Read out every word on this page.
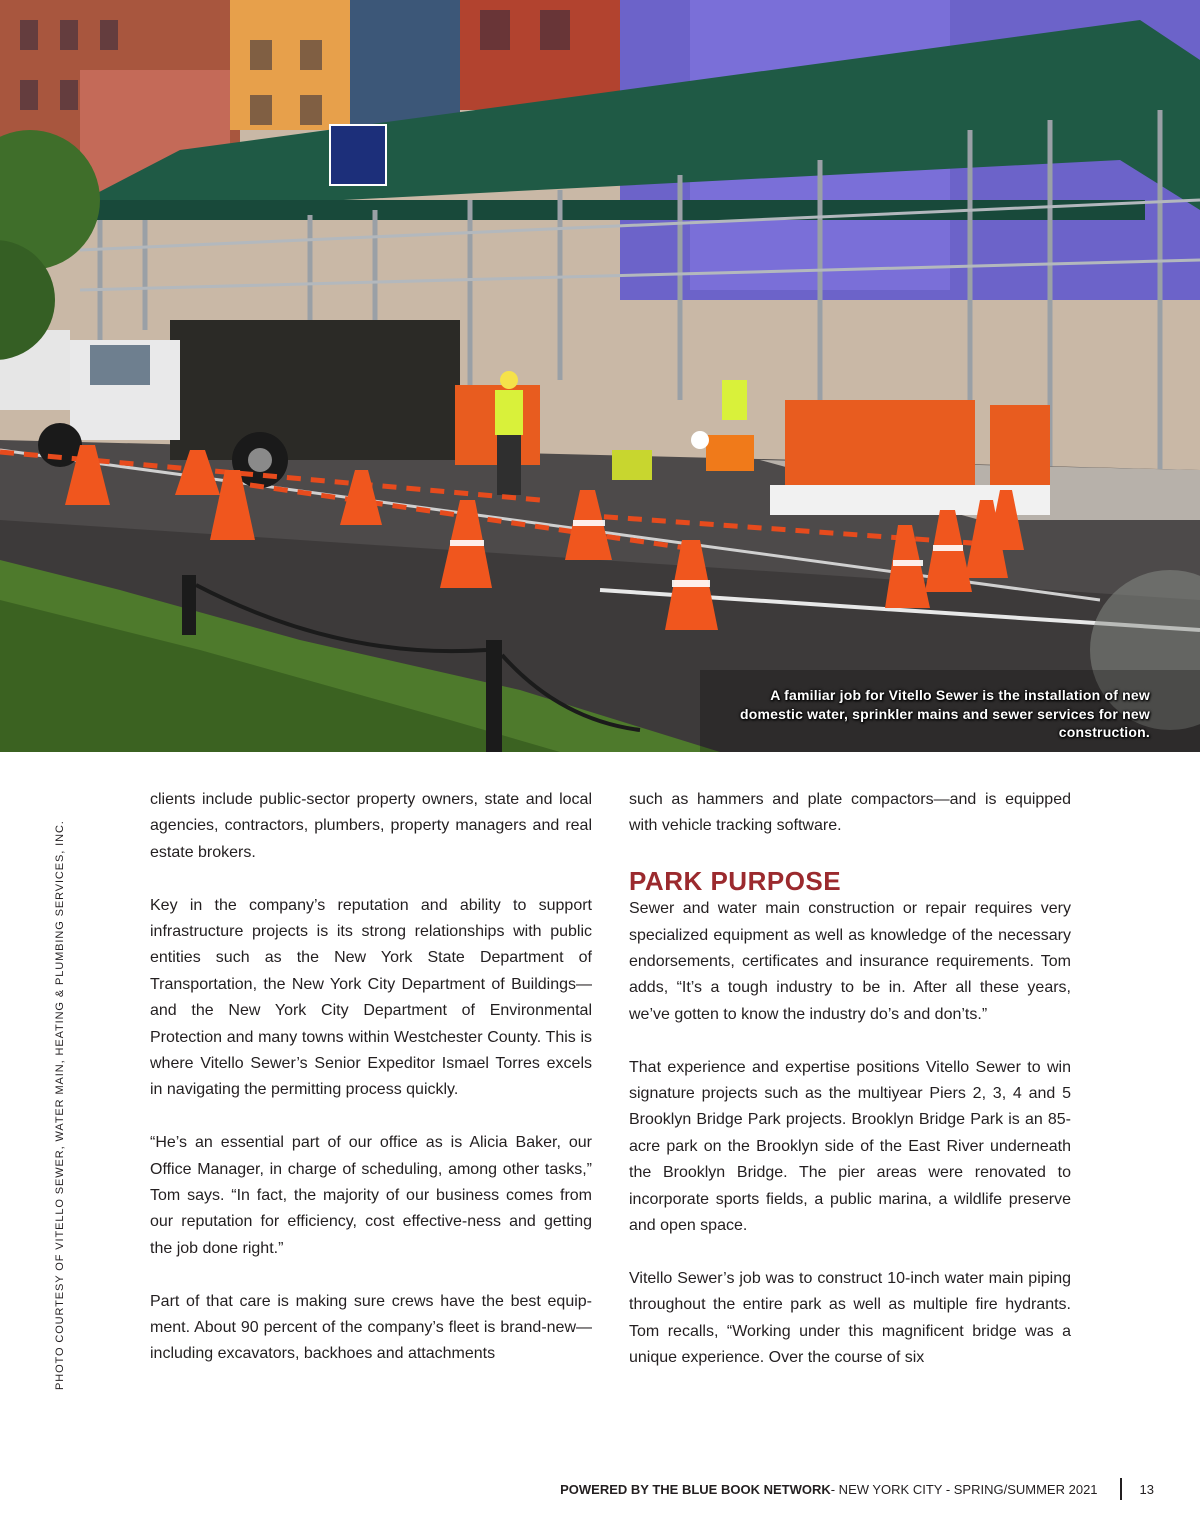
A familiar job for Vitello Sewer is the installation of new domestic water, sprinkler mains and sewer services for new construction.
PHOTO COURTESY OF VITELLO SEWER, WATER MAIN, HEATING & PLUMBING SERVICES, INC.

clients include public-sector property owners, state and local agencies, contractors, plumbers, property managers and real estate brokers.

Key in the company’s reputation and ability to support infrastructure projects is its strong relationships with public entities such as the New York State Department of Transportation, the New York City Department of Buildings—and the New York City Department of Environmental Protection and many towns within Westchester County. This is where Vitello Sewer’s Senior Expeditor Ismael Torres excels in navigating the permitting process quickly.

“He’s an essential part of our office as is Alicia Baker, our Office Manager, in charge of scheduling, among other tasks,” Tom says. “In fact, the majority of our business comes from our reputation for efficiency, cost effective-ness and getting the job done right.”

Part of that care is making sure crews have the best equip-ment. About 90 percent of the company’s fleet is brand-new—including excavators, backhoes and attachments

such as hammers and plate compactors—and is equipped with vehicle tracking software.

PARK PURPOSE

Sewer and water main construction or repair requires very specialized equipment as well as knowledge of the necessary endorsements, certificates and insurance requirements. Tom adds, “It’s a tough industry to be in. After all these years, we’ve gotten to know the industry do’s and don’ts.”

That experience and expertise positions Vitello Sewer to win signature projects such as the multiyear Piers 2, 3, 4 and 5 Brooklyn Bridge Park projects. Brooklyn Bridge Park is an 85-acre park on the Brooklyn side of the East River underneath the Brooklyn Bridge. The pier areas were renovated to incorporate sports fields, a public marina, a wildlife preserve and open space.

Vitello Sewer’s job was to construct 10-inch water main piping throughout the entire park as well as multiple fire hydrants. Tom recalls, “Working under this magnificent bridge was a unique experience. Over the course of six

POWERED BY THE BLUE BOOK NETWORK - NEW YORK CITY - SPRING/SUMMER 2021	13
